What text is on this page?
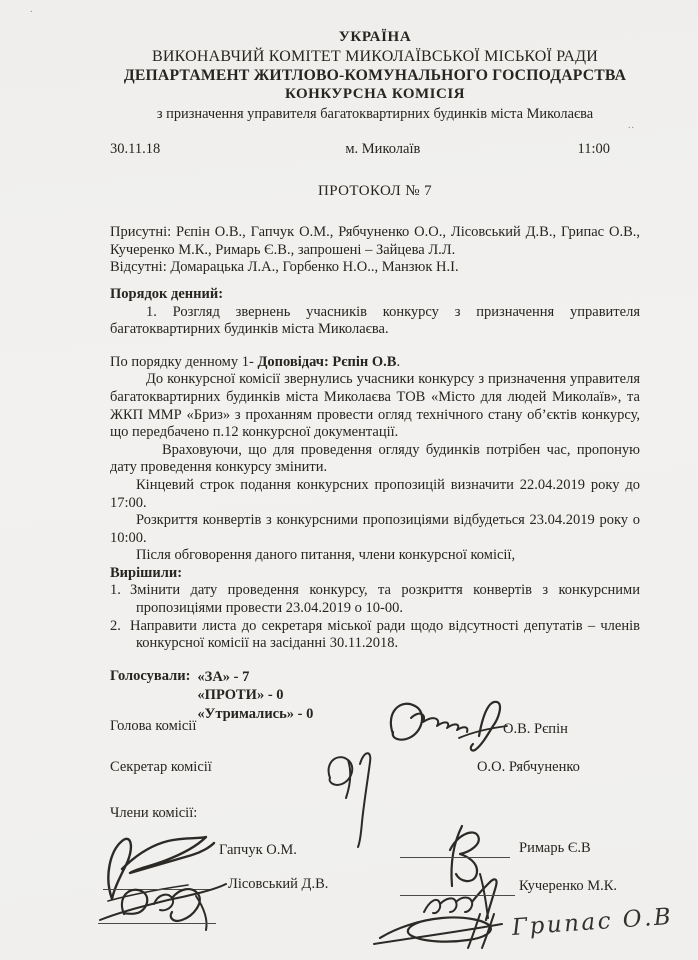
УКРАЇНА
ВИКОНАВЧИЙ КОМІТЕТ МИКОЛАЇВСЬКОЇ МІСЬКОЇ РАДИ
ДЕПАРТАМЕНТ ЖИТЛОВО-КОМУНАЛЬНОГО ГОСПОДАРСТВА
КОНКУРСНА КОМІСІЯ
з призначення управителя багатоквартирних будинків міста Миколаєва
30.11.18	м. Миколаїв	11:00
ПРОТОКОЛ № 7

Присутні: Рєпін О.В., Гапчук О.М., Рябчуненко О.О., Лісовський Д.В., Грипас О.В., Кучеренко М.К., Римарь Є.В., запрошені – Зайцева Л.Л.

Відсутні: Домарацька Л.А., Горбенко Н.О.., Манзюк Н.І.

Порядок денний:

1. Розгляд звернень учасників конкурсу з призначення управителя багатоквартирних будинків міста Миколаєва.

По порядку денному 1- Доповідач: Рєпін О.В.

До конкурсної комісії звернулись учасники конкурсу з призначення управителя багатоквартирних будинків міста Миколаєва ТОВ «Місто для людей Миколаїв», та ЖКП ММР «Бриз» з проханням провести огляд технічного стану об’єктів конкурсу, що передбачено п.12 конкурсної документації.

Враховуючи, що для проведення огляду будинків потрібен час, пропоную дату проведення конкурсу змінити.

Кінцевий строк подання конкурсних пропозицій визначити 22.04.2019 року до 17:00.

Розкриття конвертів з конкурсними пропозиціями відбудеться 23.04.2019 року о 10:00.

Після обговорення даного питання, члени конкурсної комісії,

Вирішили:

1. Змінити дату проведення конкурсу, та розкриття конвертів з конкурсними пропозиціями провести 23.04.2019 о 10-00.

2. Направити листа до секретаря міської ради щодо відсутності депутатів – членів конкурсної комісії на засіданні 30.11.2018.

Голосували: «ЗА» - 7
«ПРОТИ» - 0
«Утримались» - 0
Голова комісії	О.В. Рєпін
Секретар комісії	О.О. Рябчуненко
Члени комісії:
Гапчук О.М.	Римарь Є.В
Лісовський Д.В.	Кучеренко М.К.
Грипас О.В
..
.
